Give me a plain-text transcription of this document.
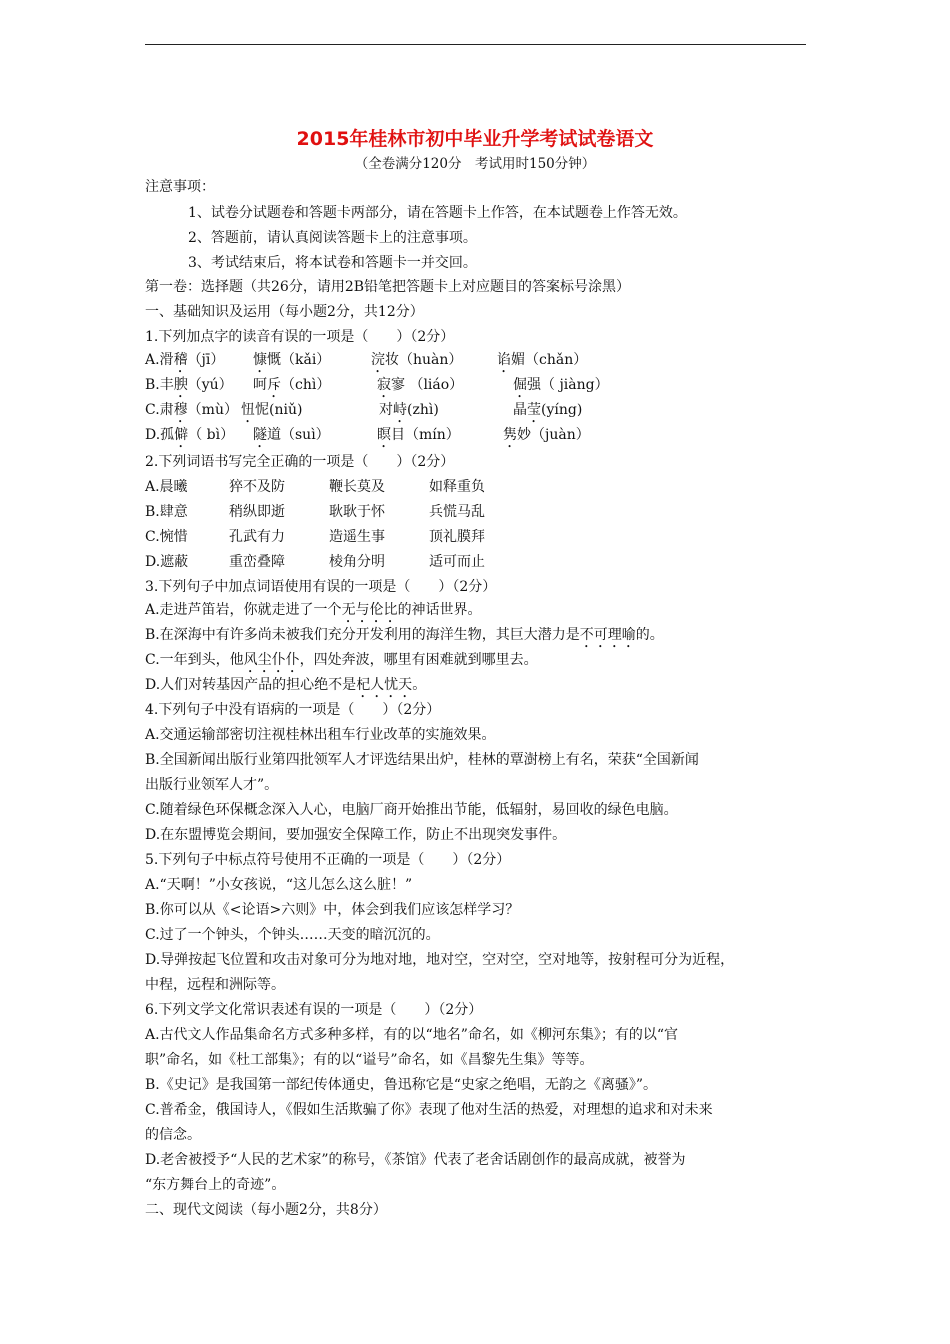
2015年桂林市初中毕业升学考试试卷语文
（全卷满分120分　考试用时150分钟）
注意事项：
1、试卷分试题卷和答题卡两部分，请在答题卡上作答，在本试题卷上作答无效。
2、答题前，请认真阅读答题卡上的注意事项。
3、考试结束后，将本试卷和答题卡一并交回。
第一卷：选择题（共26分，请用2B铅笔把答题卡上对应题目的答案标号涂黑）
一、基础知识及运用（每小题2分，共12分）
1.下列加点字的读音有误的一项是（　　）（2分）
A.滑稽（jī） 慷慨（kǎi）	浣妆（huàn） 谄媚（chǎn）
B.丰腴（yú） 呵斥（chì）	寂寥 （liáo）	倔强（ jiàng）
C.肃穆（mù） 忸怩(niǔ)	对峙(zhì)	晶莹(yíng)
D.孤僻（ bì） 隧道（suì）	瞑目（mín）	隽妙（juàn）
2.下列词语书写完全正确的一项是（　　）（2分）
A.晨曦	猝不及防	鞭长莫及	如释重负
B.肆意	稍纵即逝	耿耿于怀	兵慌马乱
C.惋惜	孔武有力	造遥生事	顶礼膜拜
D.遮蔽	重峦叠障	棱角分明	适可而止
3.下列句子中加点词语使用有误的一项是（　　）（2分）
A.走进芦笛岩，你就走进了一个无与伦比的神话世界。
B.在深海中有许多尚未被我们充分开发利用的海洋生物，其巨大潜力是不可理喻的。
C.一年到头，他风尘仆仆，四处奔波，哪里有困难就到哪里去。
D.人们对转基因产品的担心绝不是杞人忧天。
4.下列句子中没有语病的一项是（　　）（2分）
A.交通运输部密切注视桂林出租车行业改革的实施效果。
B.全国新闻出版行业第四批领军人才评选结果出炉，桂林的覃澍榜上有名，荣获“全国新闻
出版行业领军人才”。
C.随着绿色环保概念深入人心，电脑厂商开始推出节能，低辐射，易回收的绿色电脑。
D.在东盟博览会期间，要加强安全保障工作，防止不出现突发事件。
5.下列句子中标点符号使用不正确的一项是（　　）（2分）
A.“天啊！”小女孩说，“这儿怎么这么脏！”
B.你可以从《<论语>六则》中，体会到我们应该怎样学习？
C.过了一个钟头，个钟头……天变的暗沉沉的。
D.导弹按起飞位置和攻击对象可分为地对地，地对空，空对空，空对地等，按射程可分为近程，
中程，远程和洲际等。
6.下列文学文化常识表述有误的一项是（　　）（2分）
A.古代文人作品集命名方式多种多样，有的以“地名”命名，如《柳河东集》；有的以“官
职”命名，如《杜工部集》；有的以“谥号”命名，如《昌黎先生集》等等。
B.《史记》是我国第一部纪传体通史，鲁迅称它是“史家之绝唱，无韵之《离骚》”。
C.普希金，俄国诗人，《假如生活欺骗了你》表现了他对生活的热爱，对理想的追求和对未来
的信念。
D.老舍被授予“人民的艺术家”的称号，《茶馆》代表了老舍话剧创作的最高成就，被誉为
“东方舞台上的奇迹”。
二、现代文阅读（每小题2分，共8分）
